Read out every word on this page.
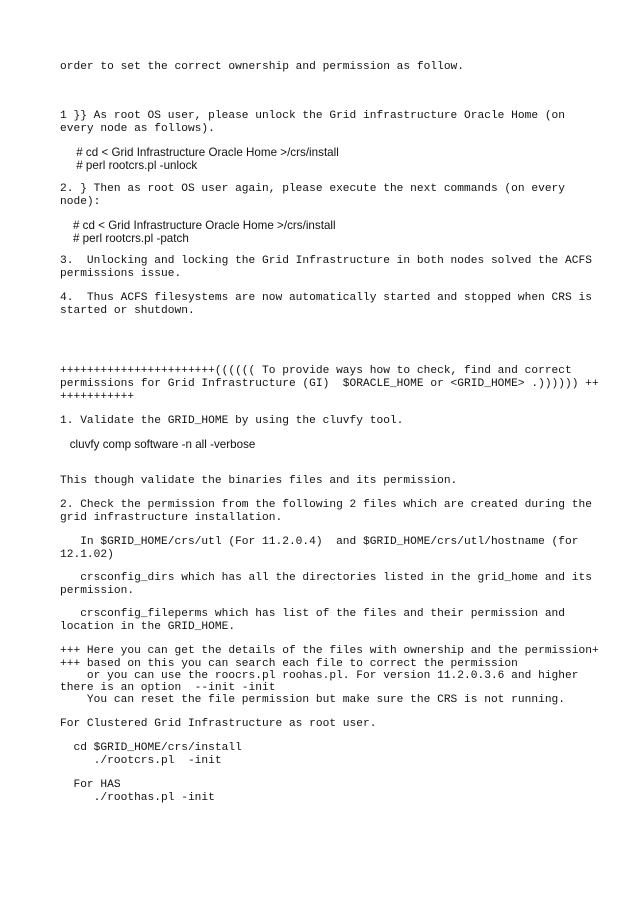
order to set the correct ownership and permission as follow.
1 }} As root OS user, please unlock the Grid infrastructure Oracle Home (on
every node as follows).
# cd < Grid Infrastructure Oracle Home >/crs/install
# perl rootcrs.pl -unlock
2. } Then as root OS user again, please execute the next commands (on every
node):
# cd < Grid Infrastructure Oracle Home >/crs/install
# perl rootcrs.pl -patch
3.  Unlocking and locking the Grid Infrastructure in both nodes solved the ACFS
permissions issue.
4.  Thus ACFS filesystems are now automatically started and stopped when CRS is
started or shutdown.
+++++++++++++++++++++++(((((( To provide ways how to check, find and correct
permissions for Grid Infrastructure (GI)  $ORACLE_HOME or <GRID_HOME> .)))))) ++
+++++++++++
1. Validate the GRID_HOME by using the cluvfy tool.
cluvfy comp software -n all -verbose
This though validate the binaries files and its permission.
2. Check the permission from the following 2 files which are created during the
grid infrastructure installation.
In $GRID_HOME/crs/utl (For 11.2.0.4)  and $GRID_HOME/crs/utl/hostname (for
12.1.02)
crsconfig_dirs which has all the directories listed in the grid_home and its
permission.
crsconfig_fileperms which has list of the files and their permission and
location in the GRID_HOME.
+++ Here you can get the details of the files with ownership and the permission+
+++ based on this you can search each file to correct the permission
or you can use the roocrs.pl roohas.pl. For version 11.2.0.3.6 and higher
there is an option  --init -init
You can reset the file permission but make sure the CRS is not running.
For Clustered Grid Infrastructure as root user.
cd $GRID_HOME/crs/install
./rootcrs.pl  -init
For HAS
./roothas.pl -init
